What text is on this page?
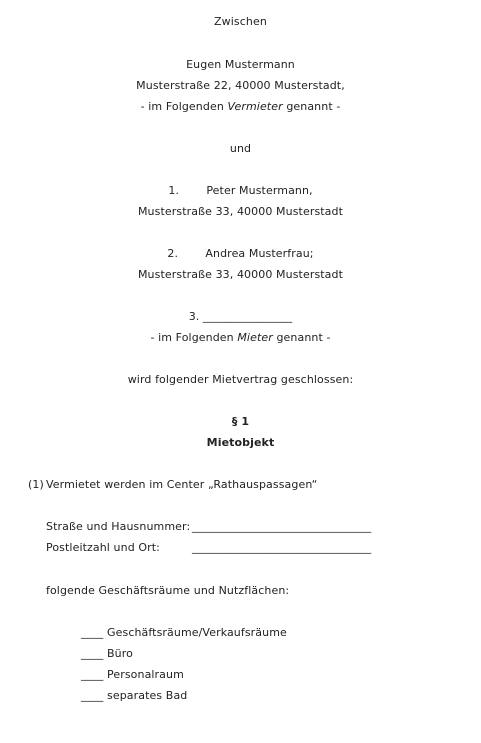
Zwischen
Eugen Mustermann
Musterstraße 22, 40000 Musterstadt,
- im Folgenden Vermieter genannt -
und
1. Peter Mustermann,
Musterstraße 33, 40000 Musterstadt
2. Andrea Musterfrau;
Musterstraße 33, 40000 Musterstadt
3. ________________
- im Folgenden Mieter genannt -
wird folgender Mietvertrag geschlossen:
§ 1
Mietobjekt
(1) Vermietet werden im Center „Rathauspassagen“
Straße und Hausnummer: ________________________________
Postleitzahl und Ort:	________________________________
folgende Geschäftsräume und Nutzflächen:
____ Geschäftsräume/Verkaufsräume
____ Büro
____ Personalraum
____ separates Bad
